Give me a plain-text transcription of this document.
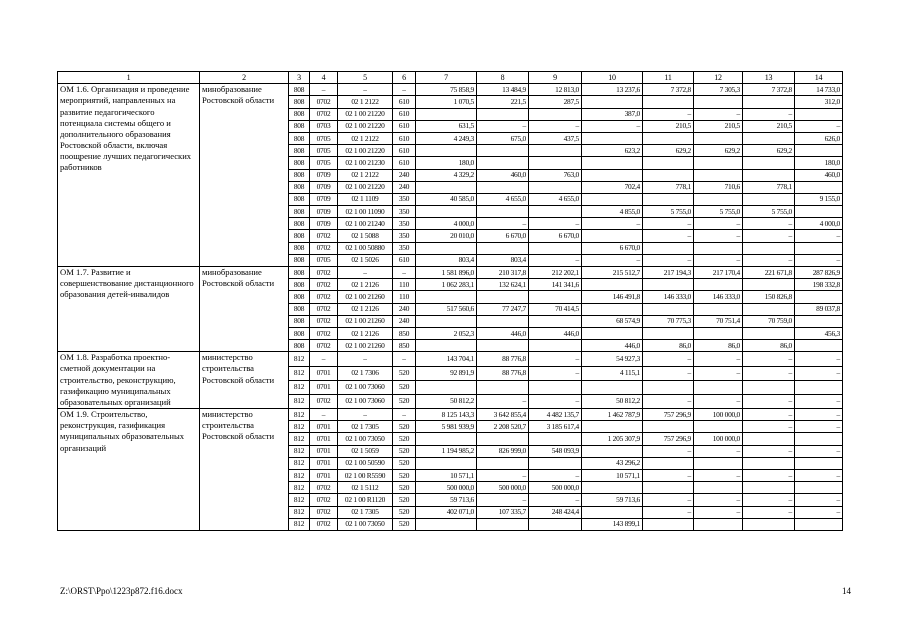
1	2	3	4	5	6	7	8	9	10	11	12	13	14
ОМ 1.6. Организация и проведение мероприятий, направленных на развитие педагогического потенциала системы общего и дополнительного образования Ростовской области, включая поощрение лучших педагогических работников	минобразование Ростовской области	808	–	–	–	75 858,9	13 484,9	12 813,0	13 237,6	7 372,8	7 305,3	7 372,8	14 733,0
		808	0702	02 1 2122	610	1 070,5	221,5	287,5					312,0
		808	0702	02 1 00 21220	610				387,0	–	–	–	
		808	0703	02 1 00 21220	610	631,5	–	–	–	210,5	210,5	210,5	–
		808	0705	02 1 2122	610	4 249,3	675,0	437,5					626,0
		808	0705	02 1 00 21220	610				623,2	629,2	629,2	629,2	
		808	0705	02 1 00 21230	610	180,0							180,0
		808	0709	02 1 2122	240	4 329,2	460,0	763,0					460,0
		808	0709	02 1 00 21220	240				702,4	778,1	710,6	778,1	
		808	0709	02 1 1109	350	40 585,0	4 655,0	4 655,0					9 155,0
		808	0709	02 1 00 11090	350				4 855,0	5 755,0	5 755,0	5 755,0	
		808	0709	02 1 00 21240	350	4 000,0	–	–	–	–	–	–	4 000,0
		808	0702	02 1 5088	350	20 010,0	6 670,0	6 670,0		–	–	–	–
		808	0702	02 1 00 50880	350				6 670,0				
		808	0705	02 1 5026	610	803,4	803,4	–	–	–	–	–	–
ОМ 1.7. Развитие и совершенствование дистанционного образования детей-инвалидов	минобразование Ростовской области	808	0702	–	–	1 581 896,0	210 317,8	212 202,1	215 512,7	217 194,3	217 170,4	221 671,8	287 826,9
		808	0702	02 1 2126	110	1 062 283,1	132 624,1	141 341,6					198 332,8
		808	0702	02 1 00 21260	110				146 491,8	146 333,0	146 333,0	150 826,8	
		808	0702	02 1 2126	240	517 560,6	77 247,7	70 414,5					89 037,8
		808	0702	02 1 00 21260	240				68 574,9	70 775,3	70 751,4	70 759,0	
		808	0702	02 1 2126	850	2 052,3	446,0	446,0					456,3
		808	0702	02 1 00 21260	850				446,0	86,0	86,0	86,0	
ОМ 1.8. Разработка проектно-сметной документации на строительство, реконструкцию, газификацию муниципальных образовательных организаций	министерство строительства Ростовской области	812	–	–	–	143 704,1	88 776,8	–	54 927,3	–	–	–	–
		812	0701	02 1 7306	520	92 891,9	88 776,8	–	4 115,1	–	–	–	–
		812	0701	02 1 00 73060	520								
		812	0702	02 1 00 73060	520	50 812,2	–	–	50 812,2	–	–	–	–
ОМ 1.9. Строительство, реконструкция, газификация муниципальных образовательных организаций	министерство строительства Ростовской области	812	–	–	–	8 125 143,3	3 642 855,4	4 482 135,7	1 462 787,9	757 296,9	100 000,0	–	–
		812	0701	02 1 7305	520	5 981 939,9	2 208 520,7	3 185 617,4				–	–
		812	0701	02 1 00 73050	520				1 205 307,9	757 296,9	100 000,0		
		812	0701	02 1 5059	520	1 194 985,2	826 999,0	548 093,9		–	–	–	–
		812	0701	02 1 00 50590	520				43 296,2				
		812	0701	02 1 00 R5590	520	10 571,1	–	–	10 571,1	–	–	–	–
		812	0702	02 1 5112	520	500 000,0	500 000,0	500 000,0					
		812	0702	02 1 00 R1120	520	59 713,6	–	–	59 713,6	–	–	–	–
		812	0702	02 1 7305	520	402 071,0	107 335,7	248 424,4		–	–	–	–
		812	0702	02 1 00 73050	520				143 899,1				
Z:\ORST\Ppo\1223p872.f16.docx	14
